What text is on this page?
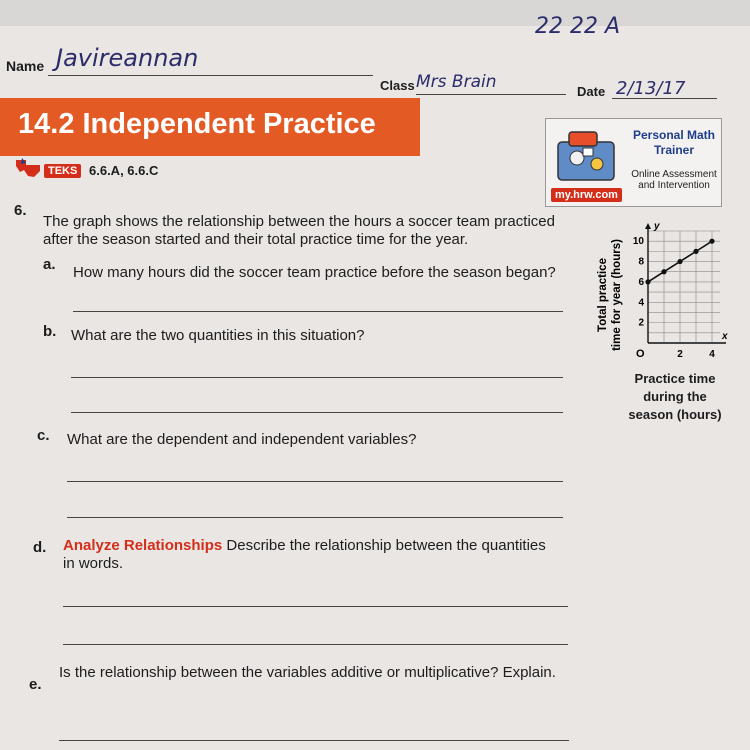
22 22 A
Name Javireannan
Class Mrs Brain	Date 2/13/17
14.2 Independent Practice
TEKS 6.6.A, 6.6.C
Personal Math Trainer
Online Assessment and Intervention
my.hrw.com
6.
The graph shows the relationship between the hours a soccer team practiced after the season started and their total practice time for the year.
a. How many hours did the soccer team practice before the season began?
b. What are the two quantities in this situation?
c. What are the dependent and independent variables?
d. Analyze Relationships Describe the relationship between the quantities in words.
e.
Is the relationship between the variables additive or multiplicative? Explain.
y
x
O
2
4
6
8
10
2	4
Total practice time for year (hours)
Practice time during the season (hours)
